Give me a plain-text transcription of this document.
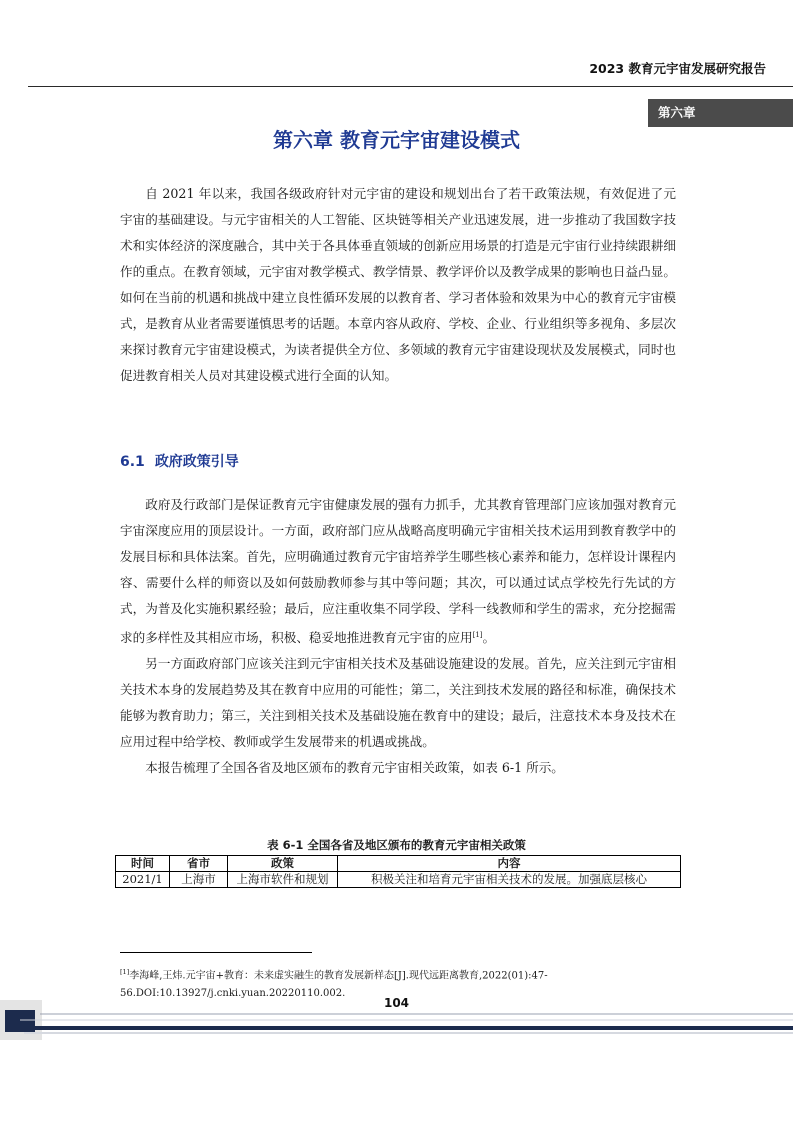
2023 教育元宇宙发展研究报告
第六章
第六章 教育元宇宙建设模式

自 2021 年以来，我国各级政府针对元宇宙的建设和规划出台了若干政策法规，有效促进了元宇宙的基础建设。与元宇宙相关的人工智能、区块链等相关产业迅速发展，进一步推动了我国数字技术和实体经济的深度融合，其中关于各具体垂直领域的创新应用场景的打造是元宇宙行业持续跟耕细作的重点。在教育领域，元宇宙对教学模式、教学情景、教学评价以及教学成果的影响也日益凸显。如何在当前的机遇和挑战中建立良性循环发展的以教育者、学习者体验和效果为中心的教育元宇宙模式，是教育从业者需要谨慎思考的话题。本章内容从政府、学校、企业、行业组织等多视角、多层次来探讨教育元宇宙建设模式，为读者提供全方位、多领域的教育元宇宙建设现状及发展模式，同时也促进教育相关人员对其建设模式进行全面的认知。

6.1 政府政策引导

政府及行政部门是保证教育元宇宙健康发展的强有力抓手，尤其教育管理部门应该加强对教育元宇宙深度应用的顶层设计。一方面，政府部门应从战略高度明确元宇宙相关技术运用到教育教学中的发展目标和具体法案。首先，应明确通过教育元宇宙培养学生哪些核心素养和能力，怎样设计课程内容、需要什么样的师资以及如何鼓励教师参与其中等问题；其次，可以通过试点学校先行先试的方式，为普及化实施积累经验；最后，应注重收集不同学段、学科一线教师和学生的需求，充分挖掘需求的多样性及其相应市场，积极、稳妥地推进教育元宇宙的应用[1]。

另一方面政府部门应该关注到元宇宙相关技术及基础设施建设的发展。首先，应关注到元宇宙相关技术本身的发展趋势及其在教育中应用的可能性；第二，关注到技术发展的路径和标准，确保技术能够为教育助力；第三，关注到相关技术及基础设施在教育中的建设；最后，注意技术本身及技术在应用过程中给学校、教师或学生发展带来的机遇或挑战。

本报告梳理了全国各省及地区颁布的教育元宇宙相关政策，如表 6-1 所示。

表 6-1 全国各省及地区颁布的教育元宇宙相关政策
时间	省市	政策	内容
2021/1	上海市	上海市软件和规划	积极关注和培育元宇宙相关技术的发展。加强底层核心
[1]李海峰,王炜.元宇宙+教育：未来虚实融生的教育发展新样态[J].现代远距离教育,2022(01):47-56.DOI:10.13927/j.cnki.yuan.20220110.002.
104
